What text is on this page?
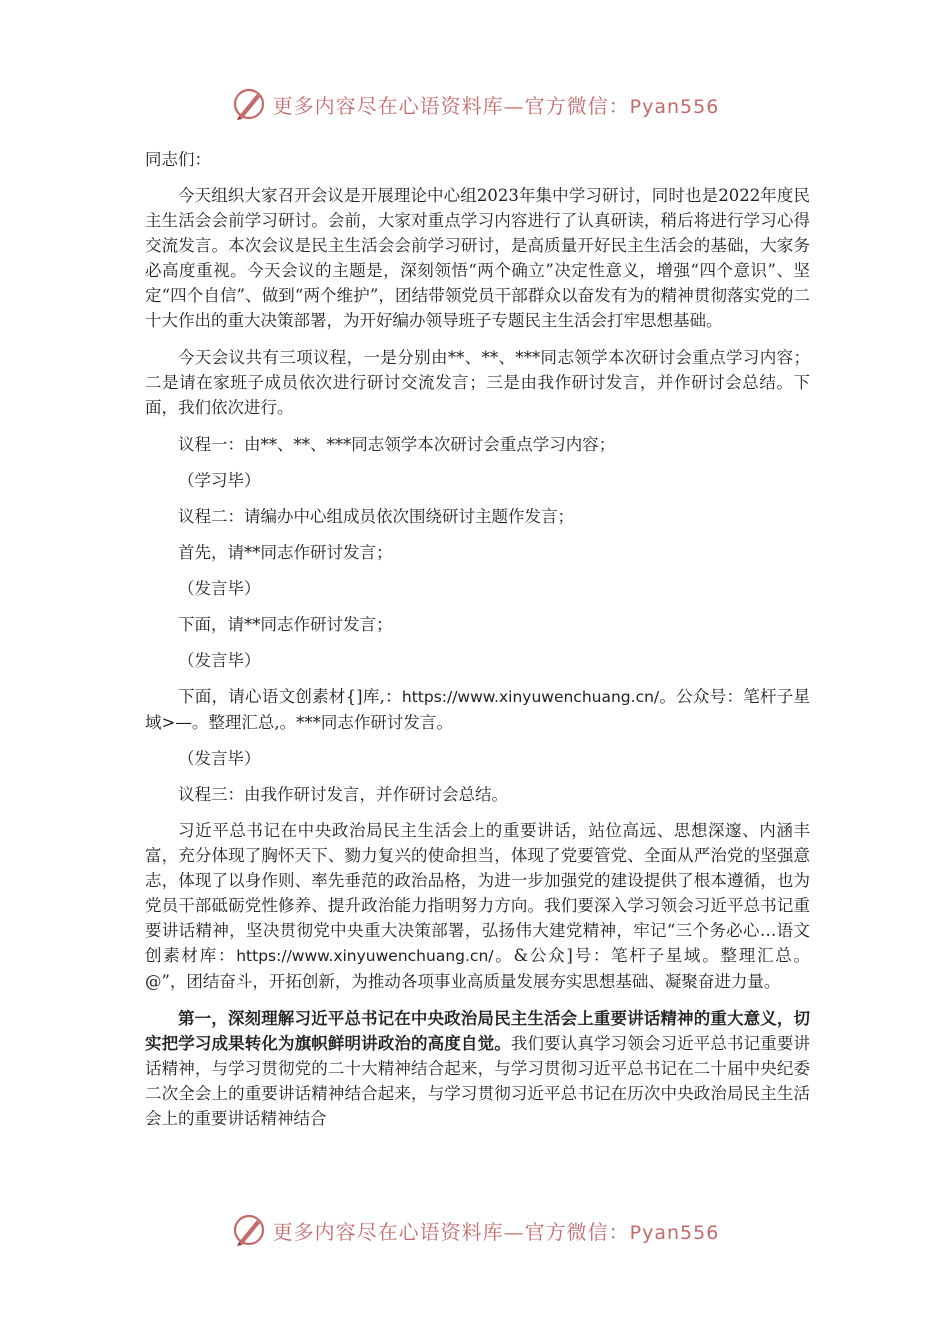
更多内容尽在心语资料库—官方微信：Pyan556

同志们：

今天组织大家召开会议是开展理论中心组2023年集中学习研讨，同时也是2022年度民主生活会会前学习研讨。会前，大家对重点学习内容进行了认真研读，稍后将进行学习心得交流发言。本次会议是民主生活会会前学习研讨，是高质量开好民主生活会的基础，大家务必高度重视。今天会议的主题是，深刻领悟“两个确立”决定性意义，增强“四个意识”、坚定“四个自信”、做到“两个维护”，团结带领党员干部群众以奋发有为的精神贯彻落实党的二十大作出的重大决策部署，为开好编办领导班子专题民主生活会打牢思想基础。

今天会议共有三项议程，一是分别由**、**、***同志领学本次研讨会重点学习内容；二是请在家班子成员依次进行研讨交流发言；三是由我作研讨发言，并作研讨会总结。下面，我们依次进行。

议程一：由**、**、***同志领学本次研讨会重点学习内容；

（学习毕）

议程二：请编办中心组成员依次围绕研讨主题作发言；

首先，请**同志作研讨发言；

（发言毕）

下面，请**同志作研讨发言；

（发言毕）

下面，请心语文创素材{]库,：https://www.xinyuwenchuang.cn/。公众号：笔杆子星域>—。整理汇总,。***同志作研讨发言。

（发言毕）

议程三：由我作研讨发言，并作研讨会总结。

习近平总书记在中央政治局民主生活会上的重要讲话，站位高远、思想深邃、内涵丰富，充分体现了胸怀天下、勠力复兴的使命担当，体现了党要管党、全面从严治党的坚强意志，体现了以身作则、率先垂范的政治品格，为进一步加强党的建设提供了根本遵循，也为党员干部砥砺党性修养、提升政治能力指明努力方向。我们要深入学习领会习近平总书记重要讲话精神，坚决贯彻党中央重大决策部署，弘扬伟大建党精神，牢记“三个务必心…语文创素材库：https://www.xinyuwenchuang.cn/。&公众]号：笔杆子星域。整理汇总。@”，团结奋斗，开拓创新，为推动各项事业高质量发展夯实思想基础、凝聚奋进力量。

第一，深刻理解习近平总书记在中央政治局民主生活会上重要讲话精神的重大意义，切实把学习成果转化为旗帜鲜明讲政治的高度自觉。我们要认真学习领会习近平总书记重要讲话精神，与学习贯彻党的二十大精神结合起来，与学习贯彻习近平总书记在二十届中央纪委二次全会上的重要讲话精神结合起来，与学习贯彻习近平总书记在历次中央政治局民主生活会上的重要讲话精神结合

更多内容尽在心语资料库—官方微信：Pyan556
